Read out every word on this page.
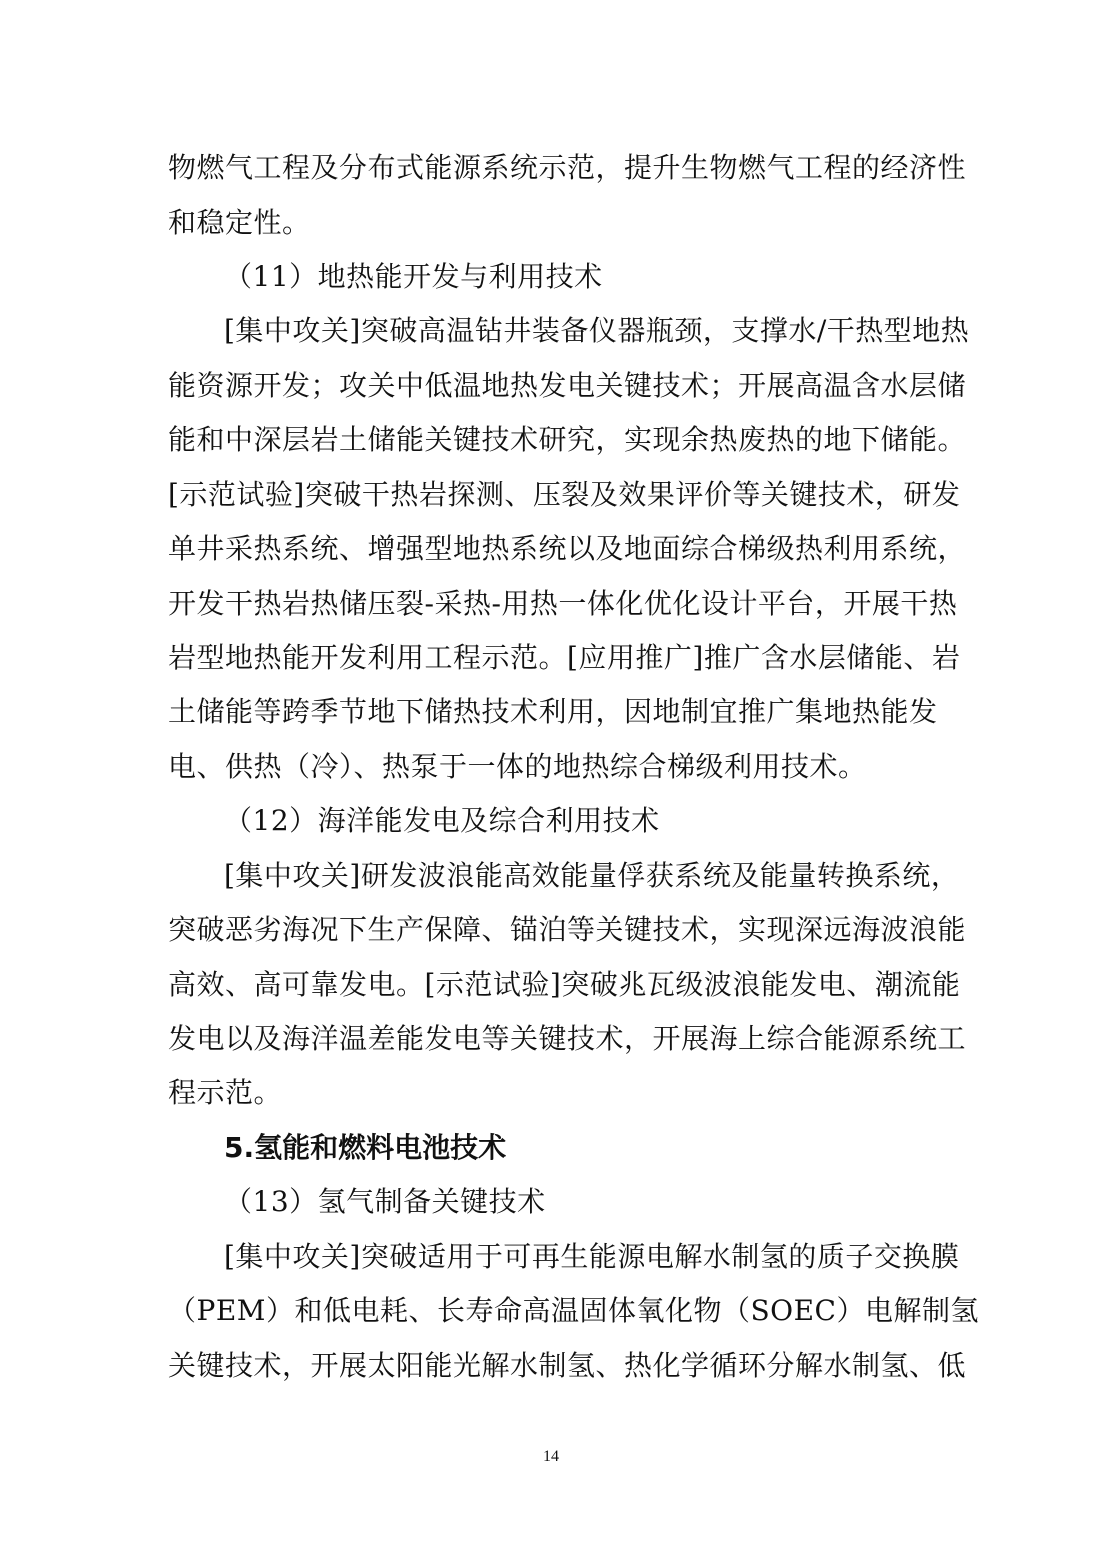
物燃气工程及分布式能源系统示范，提升生物燃气工程的经济性
和稳定性。
（11）地热能开发与利用技术
[集中攻关]突破高温钻井装备仪器瓶颈，支撑水/干热型地热
能资源开发；攻关中低温地热发电关键技术；开展高温含水层储
能和中深层岩土储能关键技术研究，实现余热废热的地下储能。
[示范试验]突破干热岩探测、压裂及效果评价等关键技术，研发
单井采热系统、增强型地热系统以及地面综合梯级热利用系统，
开发干热岩热储压裂-采热-用热一体化优化设计平台，开展干热
岩型地热能开发利用工程示范。[应用推广]推广含水层储能、岩
土储能等跨季节地下储热技术利用，因地制宜推广集地热能发
电、供热（冷）、热泵于一体的地热综合梯级利用技术。
（12）海洋能发电及综合利用技术
[集中攻关]研发波浪能高效能量俘获系统及能量转换系统，
突破恶劣海况下生产保障、锚泊等关键技术，实现深远海波浪能
高效、高可靠发电。[示范试验]突破兆瓦级波浪能发电、潮流能
发电以及海洋温差能发电等关键技术，开展海上综合能源系统工
程示范。
5.氢能和燃料电池技术
（13）氢气制备关键技术
[集中攻关]突破适用于可再生能源电解水制氢的质子交换膜
（PEM）和低电耗、长寿命高温固体氧化物（SOEC）电解制氢
关键技术，开展太阳能光解水制氢、热化学循环分解水制氢、低
14
